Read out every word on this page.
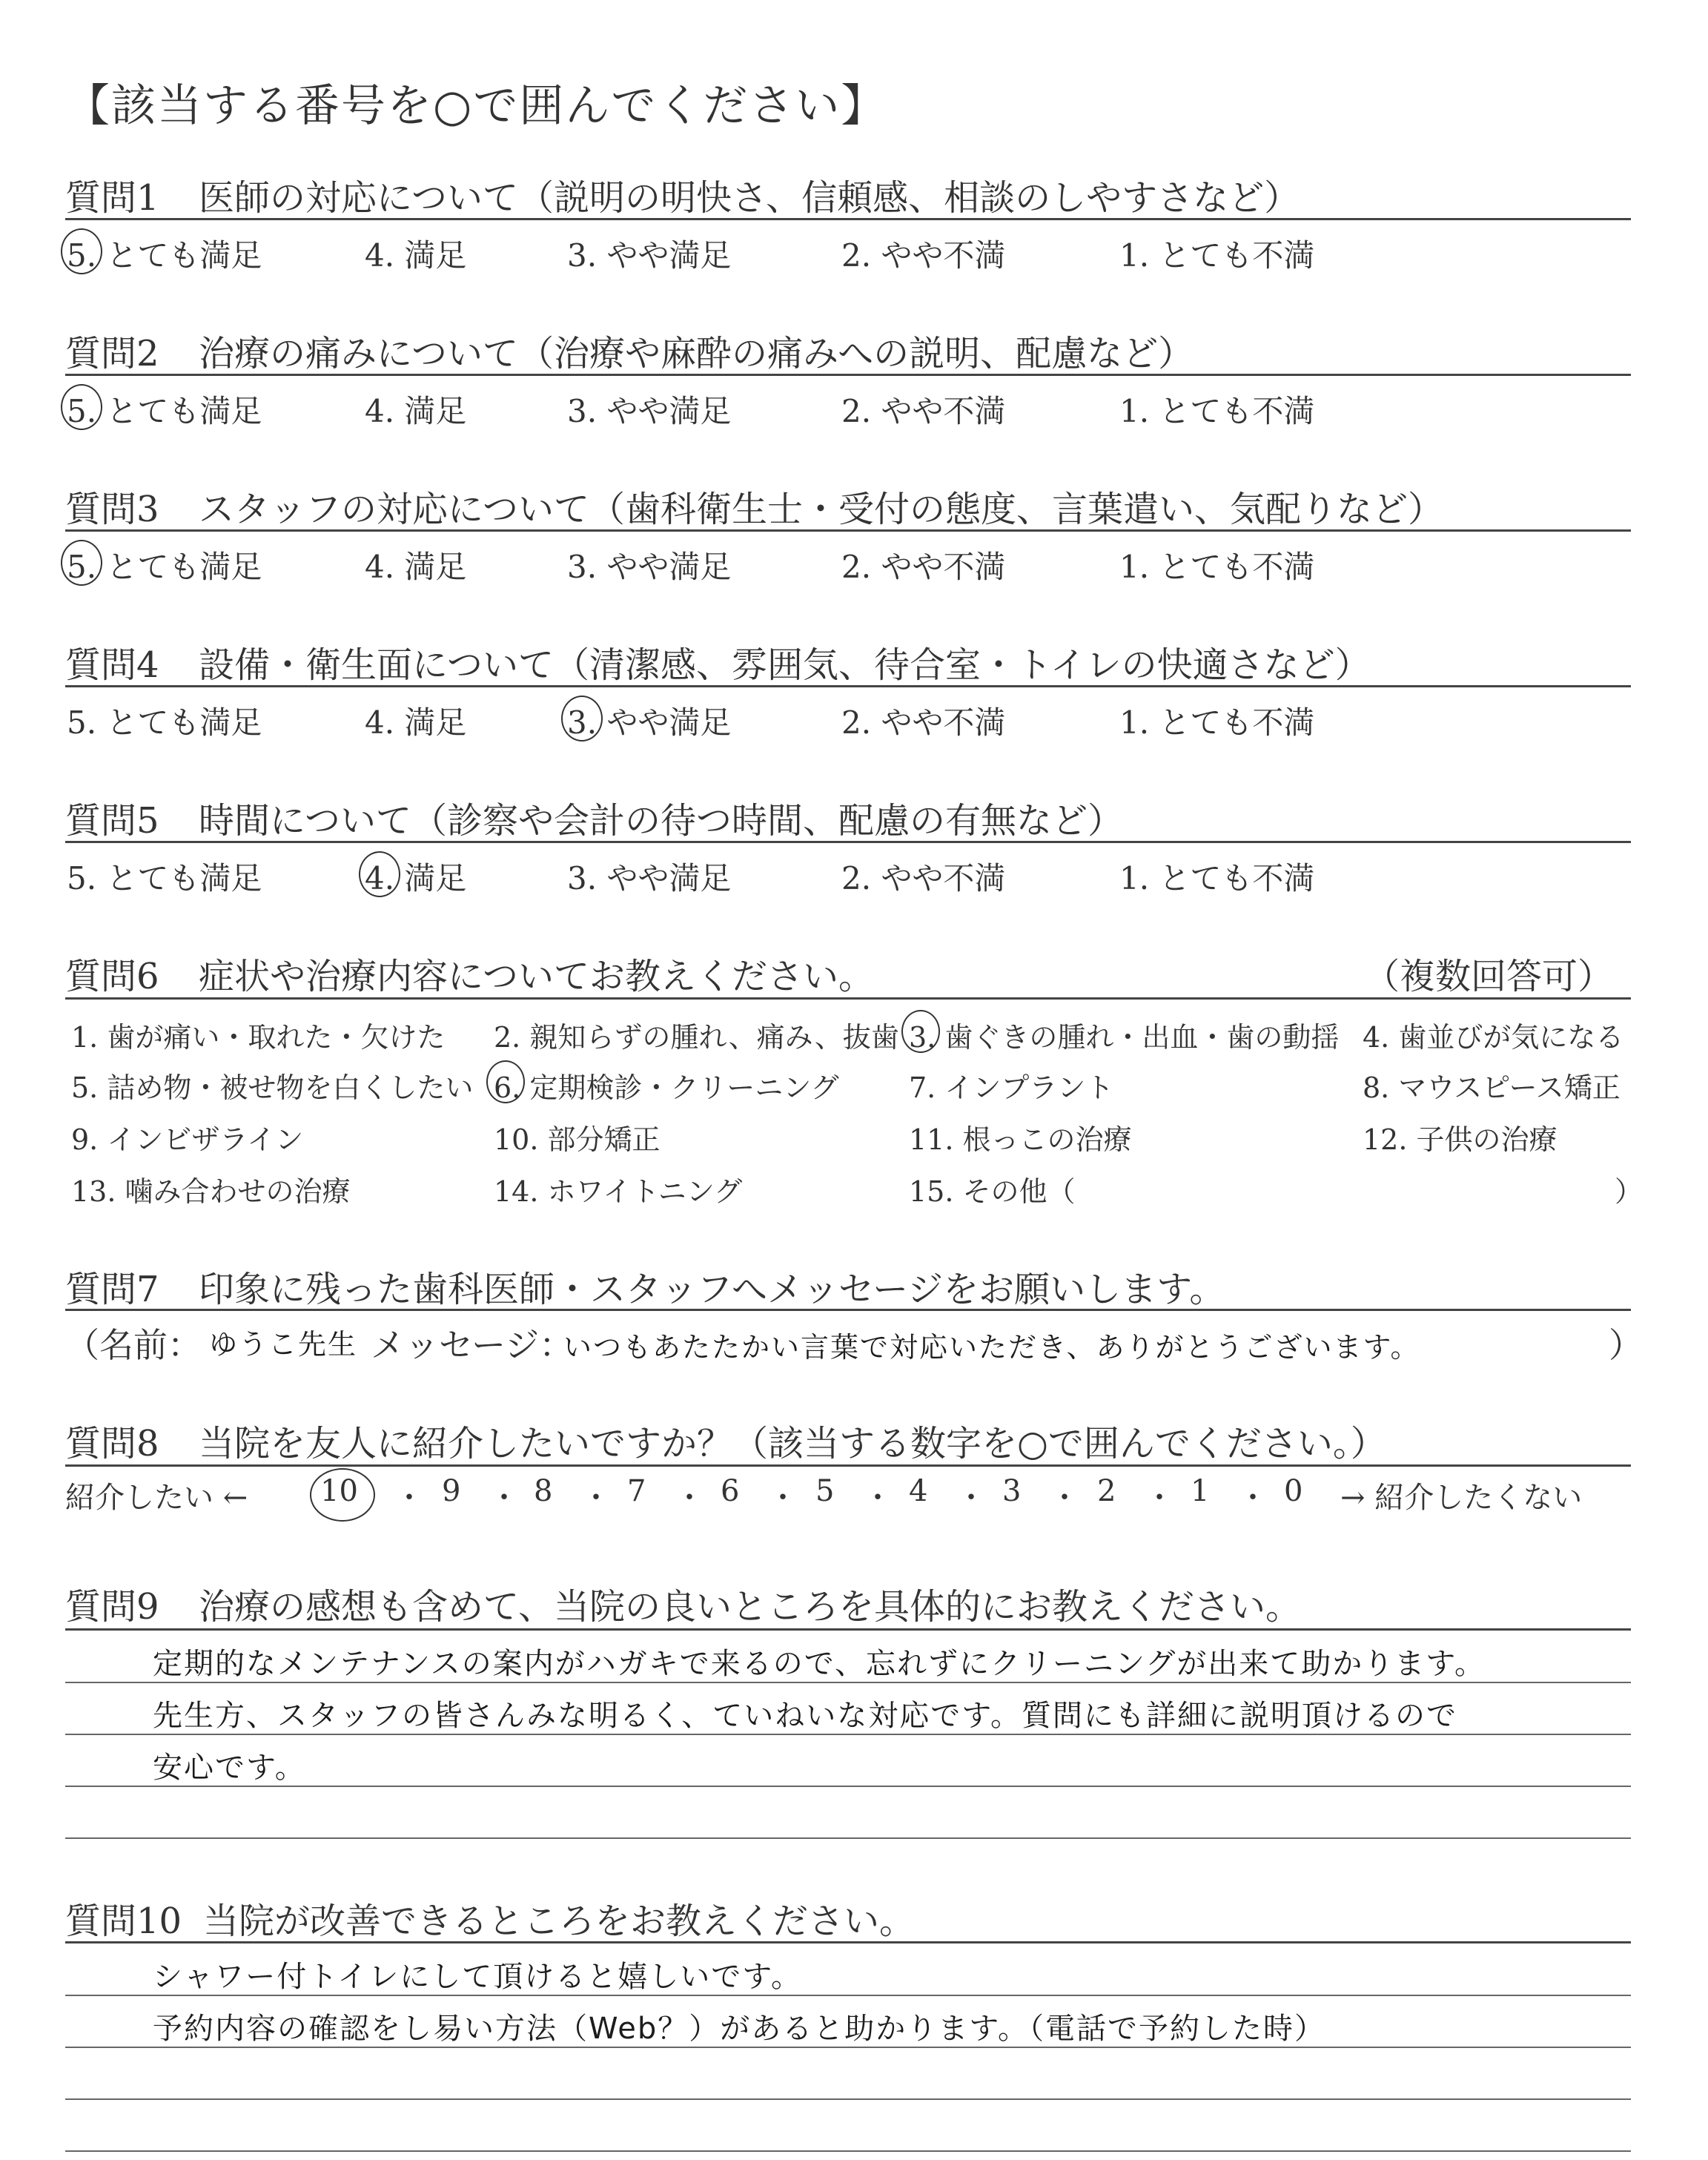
【該当する番号を○で囲んでください】
質問1 医師の対応について（説明の明快さ、信頼感、相談のしやすさなど）
5. とても満足	4. 満足	3. やや満足	2. やや不満	1. とても不満
質問2 治療の痛みについて（治療や麻酔の痛みへの説明、配慮など）
5. とても満足	4. 満足	3. やや満足	2. やや不満	1. とても不満
質問3 スタッフの対応について（歯科衛生士・受付の態度、言葉遣い、気配りなど）
5. とても満足	4. 満足	3. やや満足	2. やや不満	1. とても不満
質問4 設備・衛生面について（清潔感、雰囲気、待合室・トイレの快適さなど）
5. とても満足	4. 満足	3. やや満足	2. やや不満	1. とても不満
質問5 時間について（診察や会計の待つ時間、配慮の有無など）
5. とても満足	4. 満足	3. やや満足	2. やや不満	1. とても不満
質問6 症状や治療内容についてお教えください。	（複数回答可）
1. 歯が痛い・取れた・欠けた 2. 親知らずの腫れ、痛み、抜歯 3. 歯ぐきの腫れ・出血・歯の動揺 4. 歯並びが気になる
5. 詰め物・被せ物を白くしたい 6. 定期検診・クリーニング 7. インプラント	8. マウスピース矯正
9. インビザライン	10. 部分矯正	11. 根っこの治療	12. 子供の治療
13. 噛み合わせの治療	14. ホワイトニング	15. その他（	）
質問7 印象に残った歯科医師・スタッフへメッセージをお願いします。
（名前： ゆうこ先生 メッセージ：
いつもあたたかい言葉で対応いただき、ありがとうございます。	）
質問8 当院を友人に紹介したいですか？（該当する数字を○で囲んでください。）
紹介したい ← 10 ・ 9 ・ 8 ・ 7 ・ 6 ・ 5 ・ 4 ・ 3 ・ 2 ・ 1 ・ 0 → 紹介したくない
質問9 治療の感想も含めて、当院の良いところを具体的にお教えください。
定期的なメンテナンスの案内がハガキで来るので、忘れずにクリーニングが出来て助かります。
先生方、スタッフの皆さんみな明るく、ていねいな対応です。質問にも詳細に説明頂けるので
安心です。
質問10 当院が改善できるところをお教えください。
シャワー付トイレにして頂けると嬉しいです。
予約内容の確認をし易い方法（Web？）があると助かります。（電話で予約した時）
